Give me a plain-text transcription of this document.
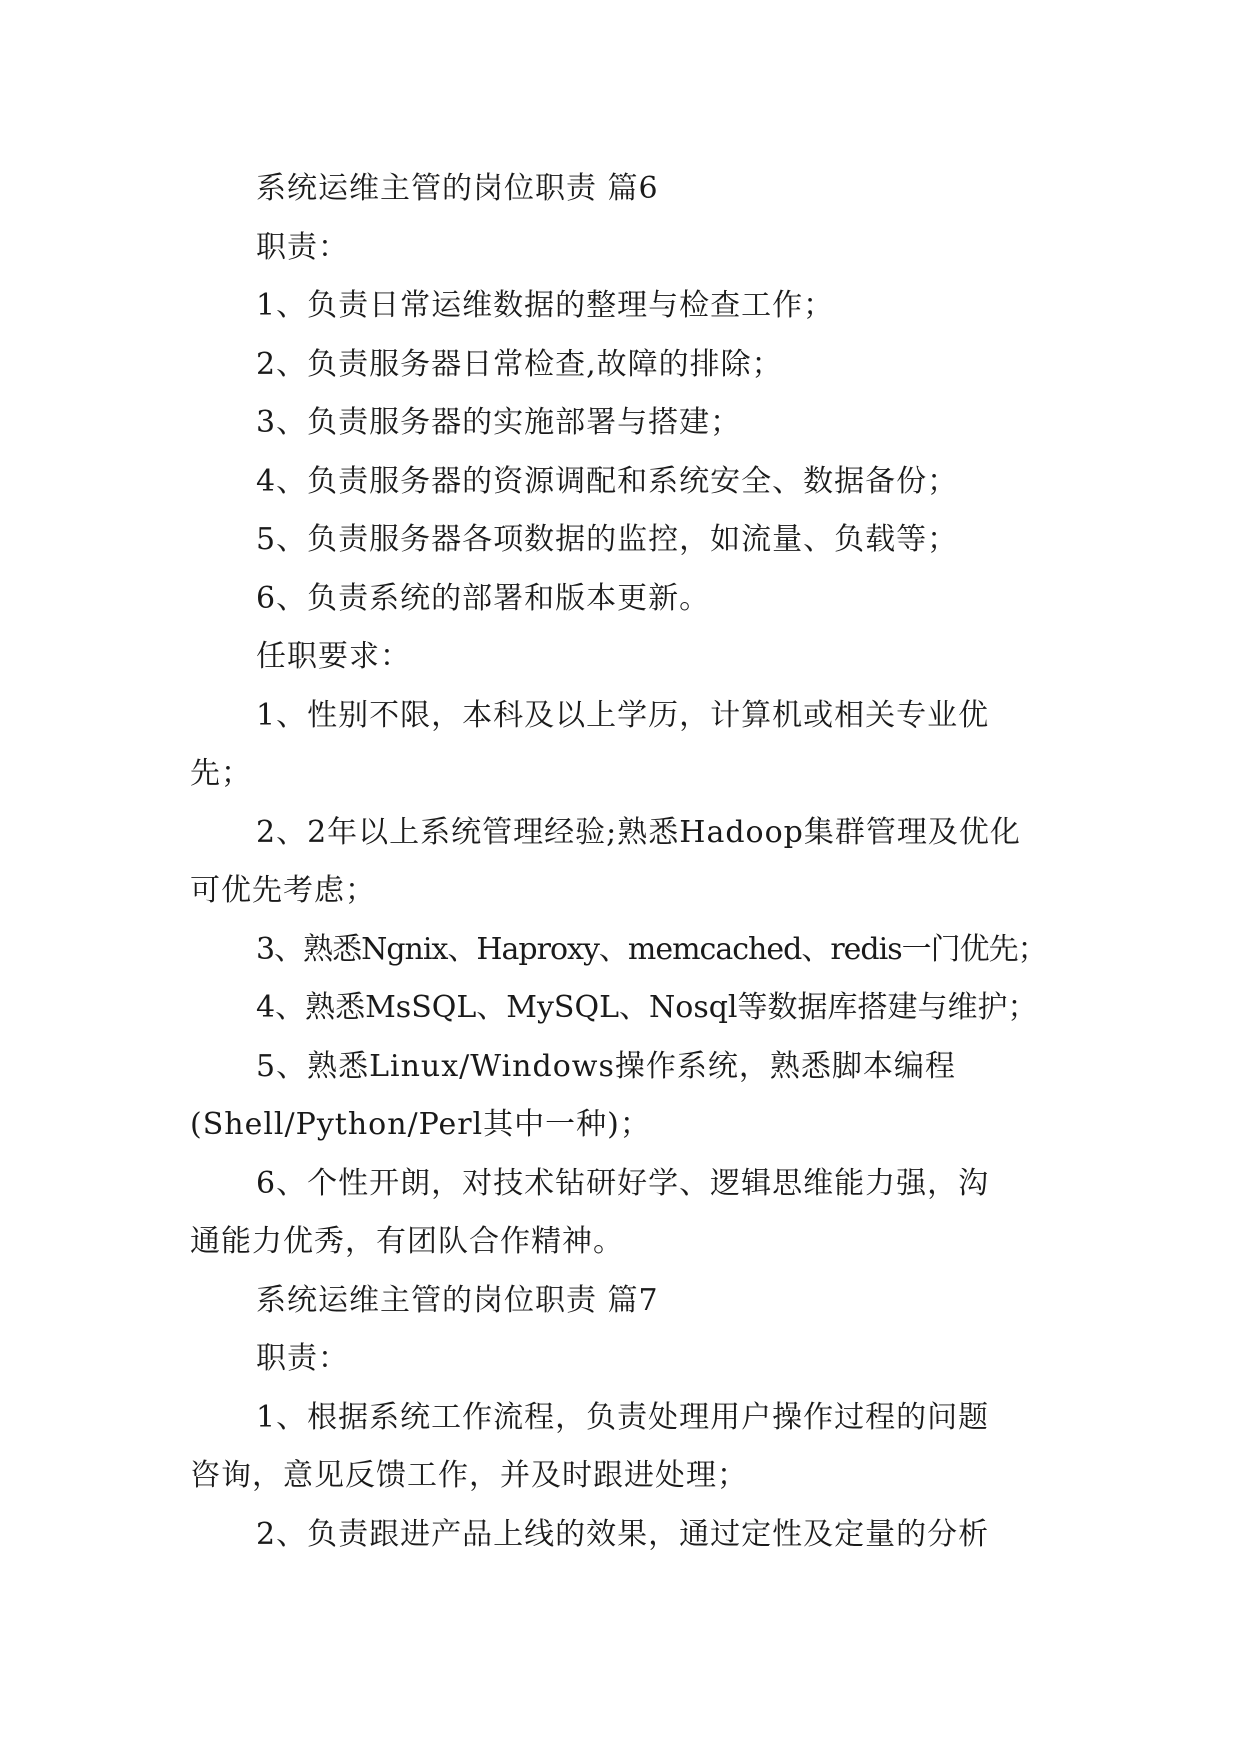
系统运维主管的岗位职责 篇6

职责：

1、负责日常运维数据的整理与检查工作；

2、负责服务器日常检查,故障的排除；

3、负责服务器的实施部署与搭建；

4、负责服务器的资源调配和系统安全、数据备份；

5、负责服务器各项数据的监控，如流量、负载等；

6、负责系统的部署和版本更新。

任职要求：

1、性别不限，本科及以上学历，计算机或相关专业优

先；

2、2年以上系统管理经验;熟悉Hadoop集群管理及优化

可优先考虑；

3、熟悉Ngnix、Haproxy、memcached、redis一门优先；

4、熟悉MsSQL、MySQL、Nosql等数据库搭建与维护；

5、熟悉Linux/Windows操作系统，熟悉脚本编程

(Shell/Python/Perl其中一种)；

6、个性开朗，对技术钻研好学、逻辑思维能力强，沟

通能力优秀，有团队合作精神。

系统运维主管的岗位职责 篇7

职责：

1、根据系统工作流程，负责处理用户操作过程的问题

咨询，意见反馈工作，并及时跟进处理；

2、负责跟进产品上线的效果，通过定性及定量的分析
